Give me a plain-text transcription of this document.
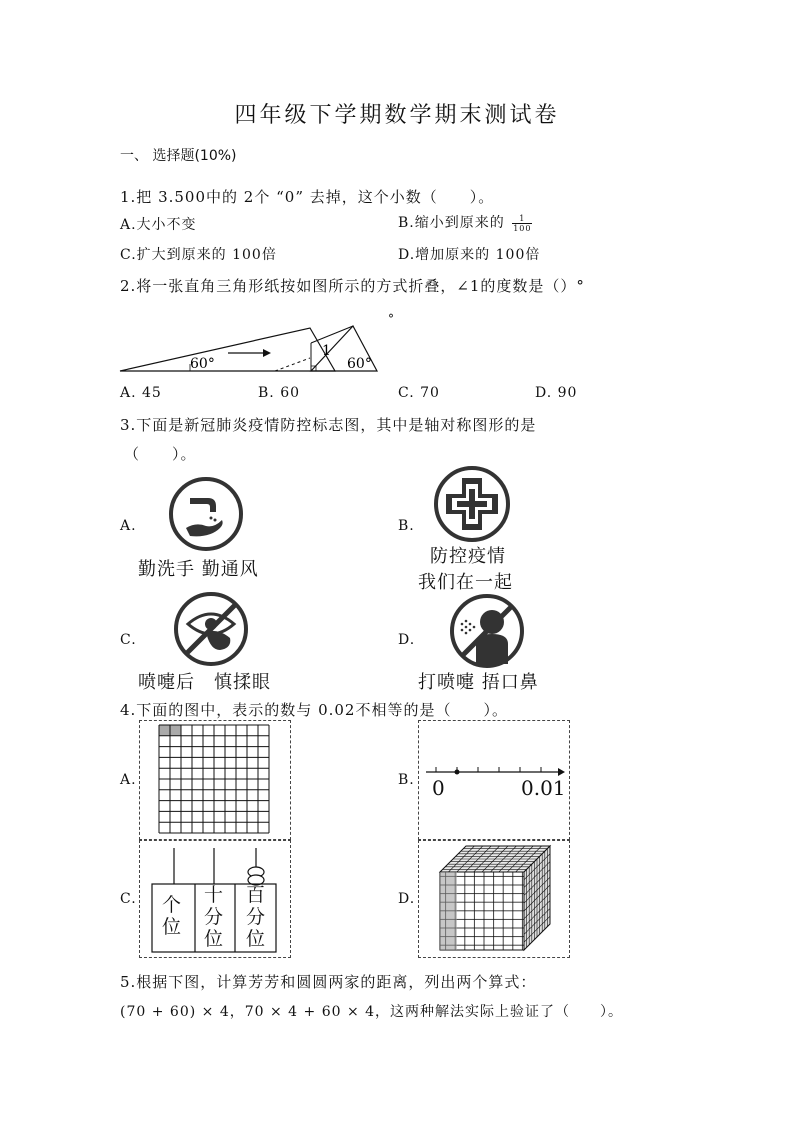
四年级下学期数学期末测试卷
一、 选择题(10%)
1.把 3.500中的 2个 “0” 去掉，这个小数（　　）。
A.大小不变	B.缩小到原来的 $\frac{1}{100}$
C.扩大到原来的 100倍	D.增加原来的 100倍
2.将一张直角三角形纸按如图所示的方式折叠，∠1的度数是（）°
°
60°	60°
1
A. 45	B. 60	C. 70	D. 90
3.下面是新冠肺炎疫情防控标志图，其中是轴对称图形的是
（　　）。
A.	B.
C.	D.
勤洗手 勤通风
防控疫情
我们在一起
喷嚏后　慎揉眼	打喷嚏 捂口鼻
4.下面的图中，表示的数与 0.02不相等的是（　　）。
A.	B.
C.	D.
0	0.01
个
位
十
分
位
百
分
位
5.根据下图，计算芳芳和圆圆两家的距离，列出两个算式：
(70 + 60) × 4，70 × 4 + 60 × 4，这两种解法实际上验证了（　　）。
